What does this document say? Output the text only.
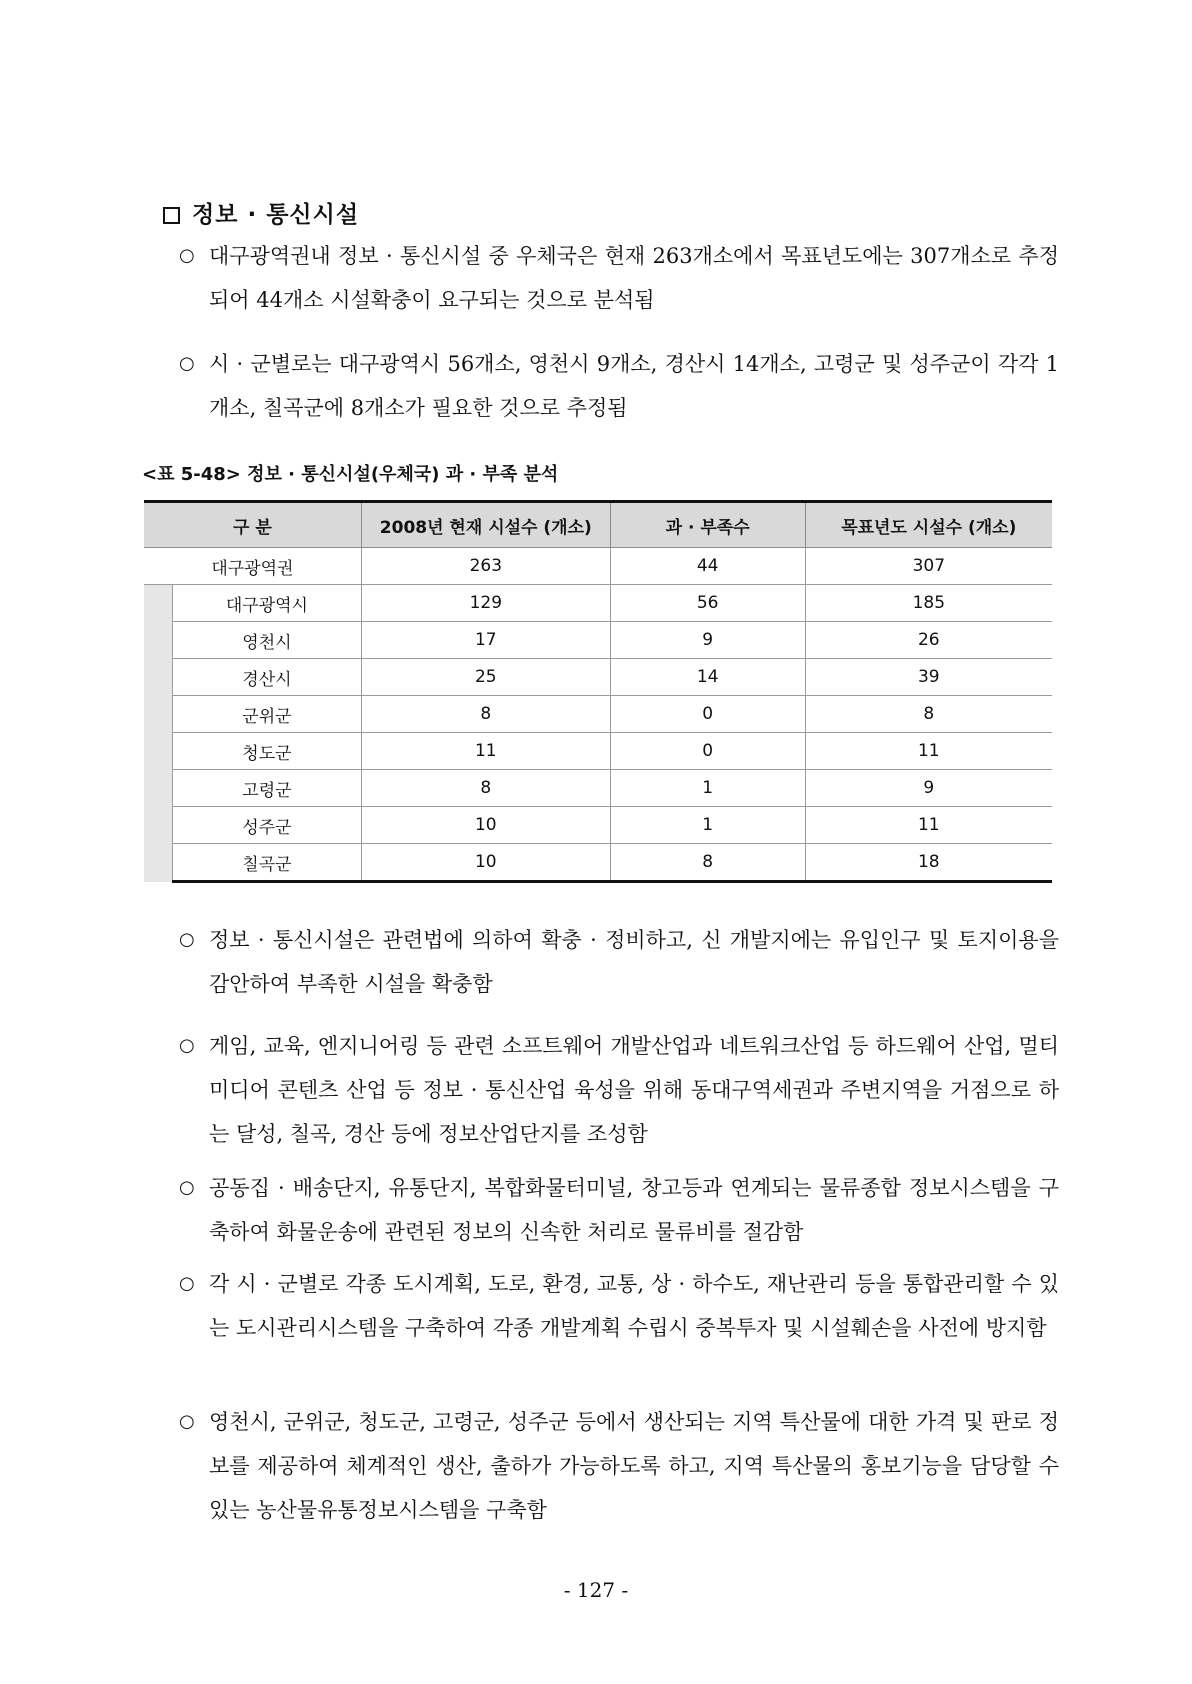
정보 · 통신시설
○ 대구광역권내 정보 · 통신시설 중 우체국은 현재 263개소에서 목표년도에는 307개소로 추정되어 44개소 시설확충이 요구되는 것으로 분석됨
○ 시 · 군별로는 대구광역시 56개소, 영천시 9개소, 경산시 14개소, 고령군 및 성주군이 각각 1개소, 칠곡군에 8개소가 필요한 것으로 추정됨
<표 5-48> 정보 · 통신시설(우체국) 과 · 부족 분석
구 분		2008년 현재 시설수 (개소)	과 · 부족수	목표년도 시설수 (개소)
대구광역권		263	44	307
	대구광역시	129	56	185
	영천시	17	9	26
	경산시	25	14	39
	군위군	8	0	8
	청도군	11	0	11
	고령군	8	1	9
	성주군	10	1	11
	칠곡군	10	8	18
○ 정보 · 통신시설은 관련법에 의하여 확충 · 정비하고, 신 개발지에는 유입인구 및 토지이용을 감안하여 부족한 시설을 확충함
○ 게임, 교육, 엔지니어링 등 관련 소프트웨어 개발산업과 네트워크산업 등 하드웨어 산업, 멀티미디어 콘텐츠 산업 등 정보 · 통신산업 육성을 위해 동대구역세권과 주변지역을 거점으로 하는 달성, 칠곡, 경산 등에 정보산업단지를 조성함
○ 공동집 · 배송단지, 유통단지, 복합화물터미널, 창고등과 연계되는 물류종합 정보시스템을 구축하여 화물운송에 관련된 정보의 신속한 처리로 물류비를 절감함
○ 각 시 · 군별로 각종 도시계획, 도로, 환경, 교통, 상 · 하수도, 재난관리 등을 통합관리할 수 있는 도시관리시스템을 구축하여 각종 개발계획 수립시 중복투자 및 시설훼손을 사전에 방지함
○ 영천시, 군위군, 청도군, 고령군, 성주군 등에서 생산되는 지역 특산물에 대한 가격 및 판로 정보를 제공하여 체계적인 생산, 출하가 가능하도록 하고, 지역 특산물의 홍보기능을 담당할 수 있는 농산물유통정보시스템을 구축함
- 127 -
